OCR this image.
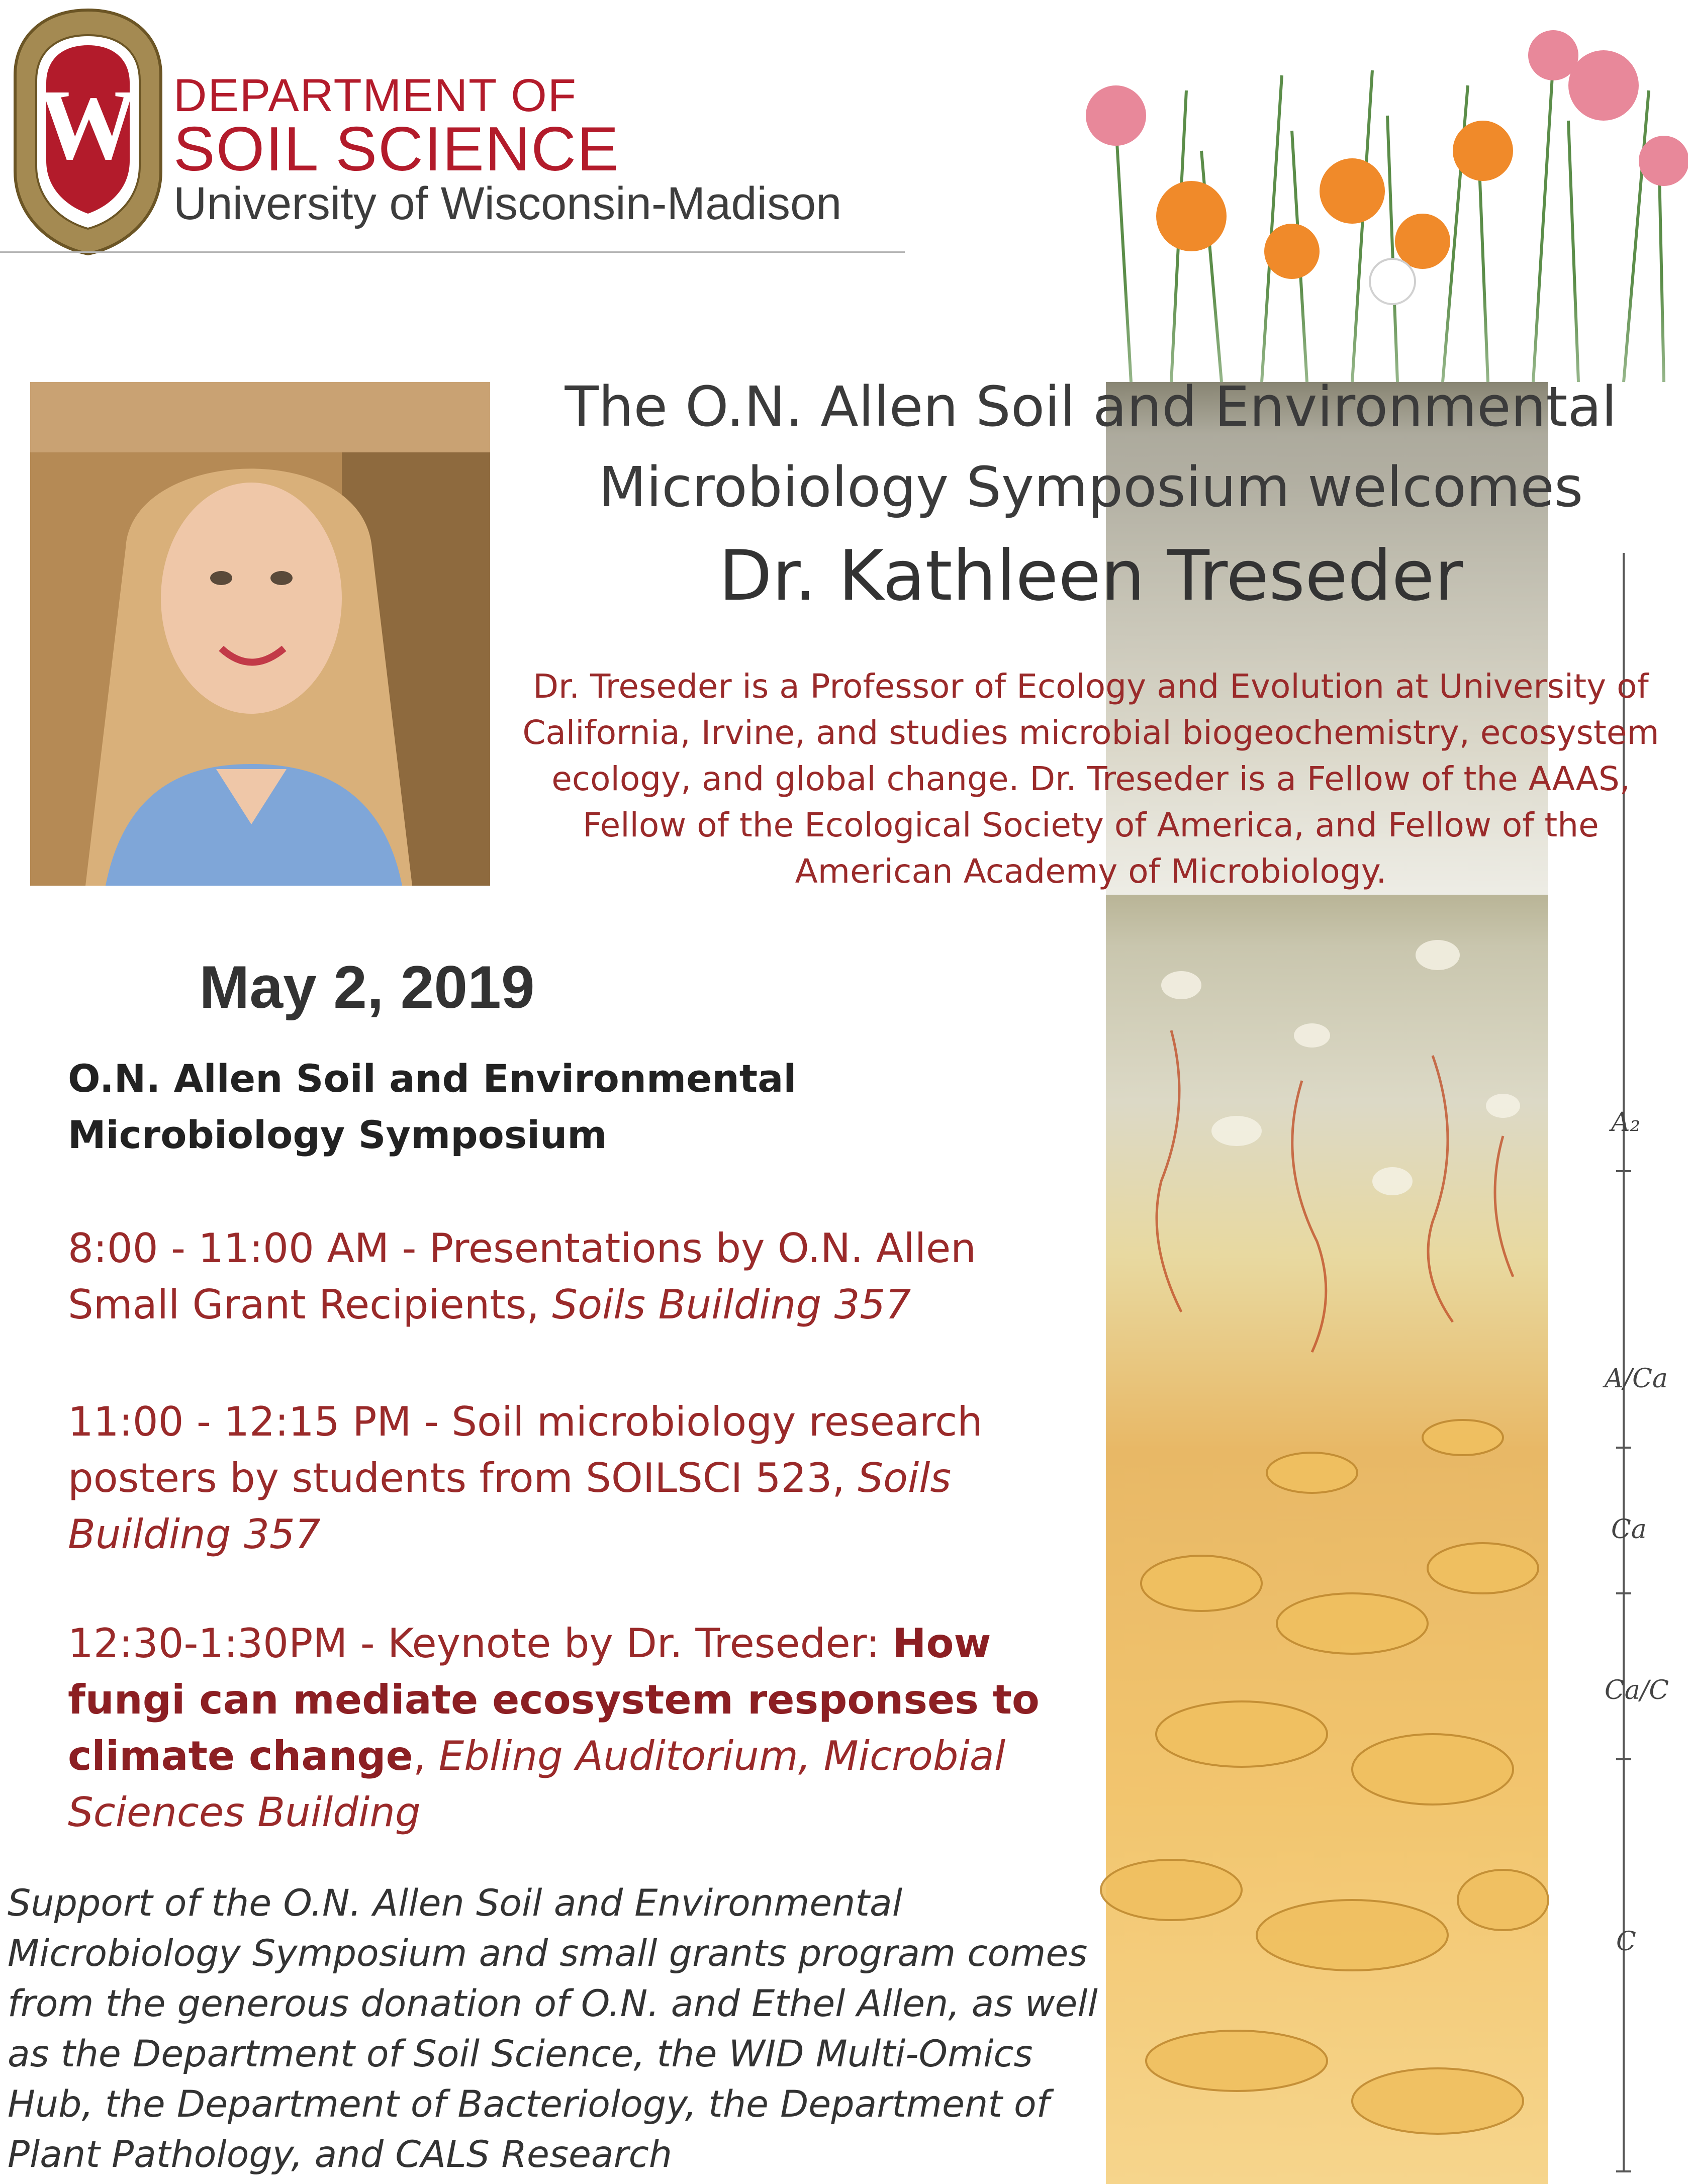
A₂
A/Ca
Ca
Ca/C
C
W DEPARTMENT OF
SOIL SCIENCE
University of Wisconsin-Madison
The O.N. Allen Soil and Environmental
Microbiology Symposium welcomes
Dr. Kathleen Treseder
Dr. Treseder is a Professor of Ecology and Evolution at University of California, Irvine, and studies microbial biogeochemistry, ecosystem ecology, and global change. Dr. Treseder is a Fellow of the AAAS, Fellow of the Ecological Society of America, and Fellow of the American Academy of Microbiology.
May 2, 2019
O.N. Allen Soil and Environmental Microbiology Symposium
8:00 - 11:00 AM - Presentations by O.N. Allen Small Grant Recipients, Soils Building 357
11:00 - 12:15 PM - Soil microbiology research posters by students from SOILSCI 523, Soils Building 357
12:30-1:30PM - Keynote by Dr. Treseder: How fungi can mediate ecosystem responses to climate change, Ebling Auditorium, Microbial Sciences Building
Support of the O.N. Allen Soil and Environmental Microbiology Symposium and small grants program comes from the generous donation of O.N. and Ethel Allen, as well as the Department of Soil Science, the WID Multi-Omics Hub, the Department of Bacteriology, the Department of Plant Pathology, and CALS Research
